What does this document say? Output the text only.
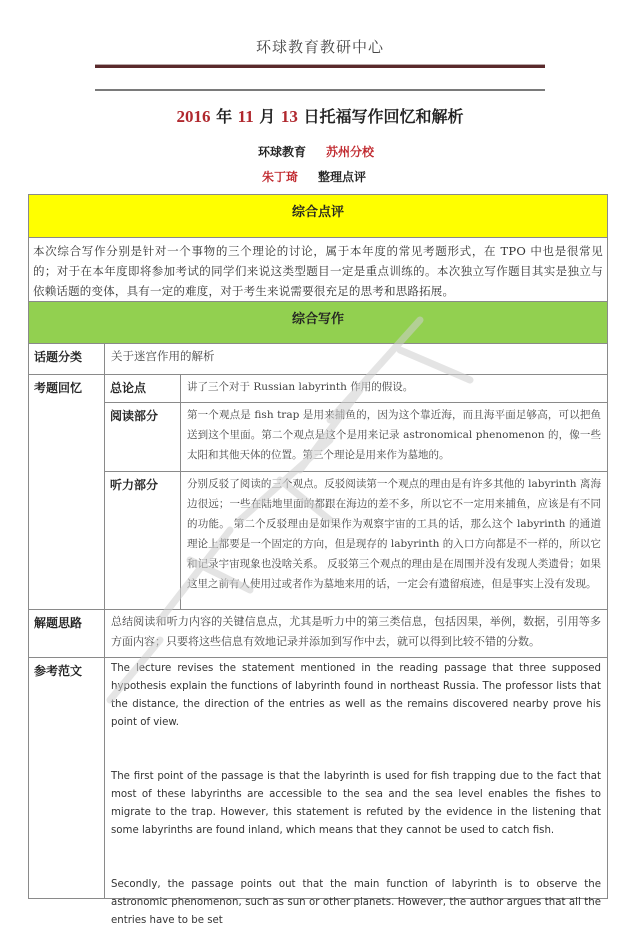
环球教育教研中心
2016 年 11 月 13 日托福写作回忆和解析
环球教育 苏州分校
朱丁琦 整理点评
综合点评
本次综合写作分别是针对一个事物的三个理论的讨论，属于本年度的常见考题形式，在 TPO 中也是很常见的；对于在本年度即将参加考试的同学们来说这类型题目一定是重点训练的。本次独立写作题目其实是独立与依赖话题的变体，具有一定的难度，对于考生来说需要很充足的思考和思路拓展。
综合写作
话题分类	关于迷宫作用的解析
考题回忆	总论点	讲了三个对于 Russian labyrinth 作用的假设。
阅读部分	第一个观点是 fish trap 是用来捕鱼的，因为这个靠近海，而且海平面足够高，可以把鱼送到这个里面。第二个观点是这个是用来记录 astronomical phenomenon 的，像一些太阳和其他天体的位置。第三个理论是用来作为墓地的。
听力部分	分别反驳了阅读的三个观点。反驳阅读第一个观点的理由是有许多其他的 labyrinth 离海边很远；一些在陆地里面的都跟在海边的差不多，所以它不一定用来捕鱼，应该是有不同的功能。 第二个反驳理由是如果作为观察宇宙的工具的话，那么这个 labyrinth 的通道理论上都要是一个固定的方向，但是现存的 labyrinth 的入口方向都是不一样的，所以它和记录宇宙现象也没啥关系。 反驳第三个观点的理由是在周围并没有发现人类遗骨；如果这里之前有人使用过或者作为墓地来用的话，一定会有遗留痕迹，但是事实上没有发现。
解题思路	总结阅读和听力内容的关键信息点，尤其是听力中的第三类信息，包括因果，举例，数据，引用等多方面内容；只要将这些信息有效地记录并添加到写作中去，就可以得到比较不错的分数。
参考范文	The lecture revises the statement mentioned in the reading passage that three supposed hypothesis explain the functions of labyrinth found in northeast Russia. The professor lists that the distance, the direction of the entries as well as the remains discovered nearby prove his point of view.

The first point of the passage is that the labyrinth is used for fish trapping due to the fact that most of these labyrinths are accessible to the sea and the sea level enables the fishes to migrate to the trap. However, this statement is refuted by the evidence in the listening that some labyrinths are found inland, which means that they cannot be used to catch fish.

Secondly, the passage points out that the main function of labyrinth is to observe the astronomic phenomenon, such as sun or other planets. However, the author argues that all the entries have to be set
